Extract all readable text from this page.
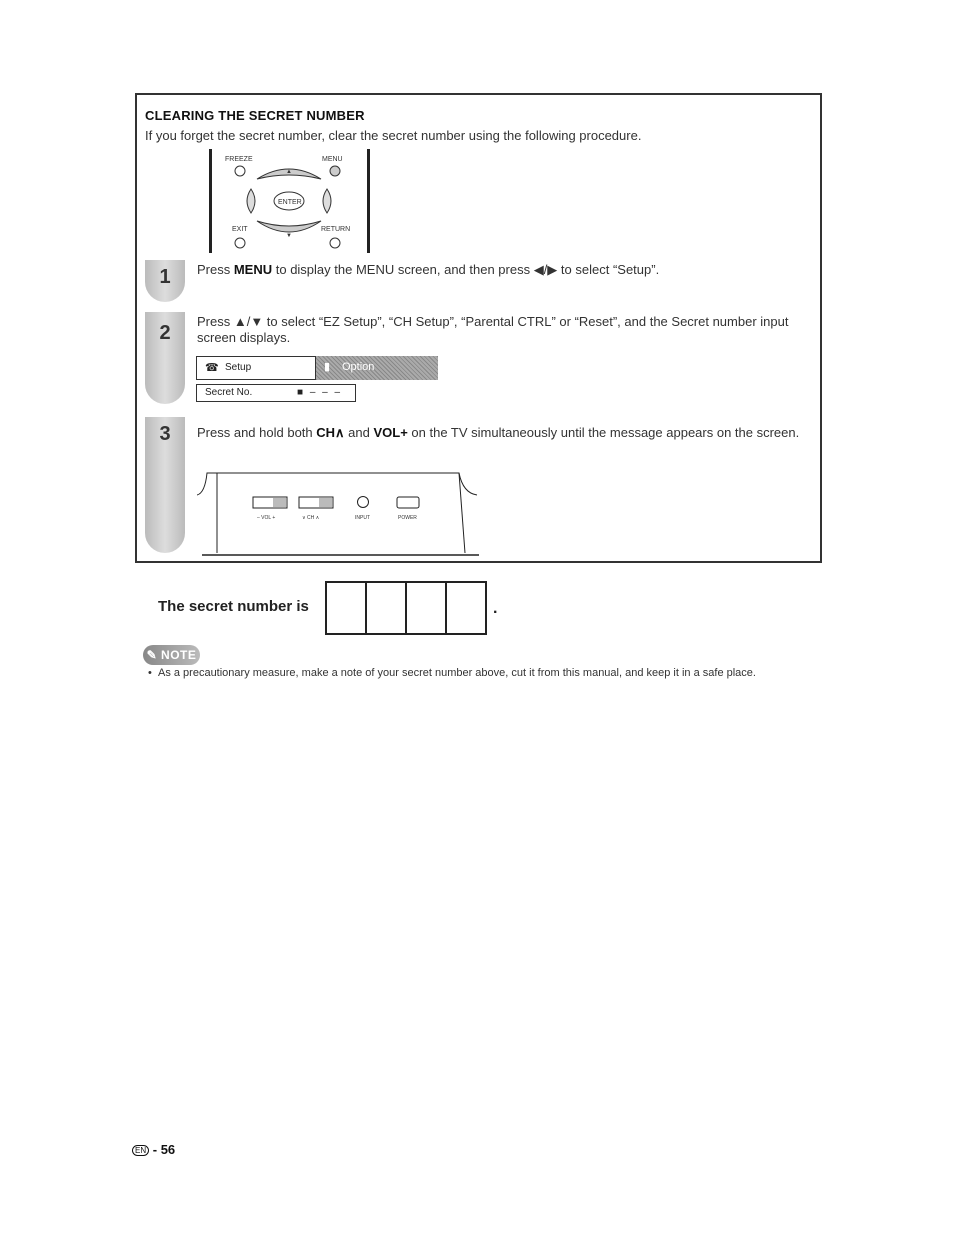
CLEARING THE SECRET NUMBER
If you forget the secret number, clear the secret number using the following procedure.
FREEZE	MENU
▲
ENTER
▼
EXIT	RETURN
1	Press MENU to display the MENU screen, and then press ◀/▶ to select “Setup”.
2
Press ▲/▼ to select “EZ Setup”, “CH Setup”, “Parental CTRL” or “Reset”, and the Secret number input screen displays.
☎ Setup	▮ Option
Secret No.	■ – – –
3	Press and hold both CH∧ and VOL+ on the TV simultaneously until the message appears on the screen.
– VOL +	∨ CH ∧	INPUT	POWER
The secret number is	.
✎ NOTE
• As a precautionary measure, make a note of your secret number above, cut it from this manual, and keep it in a safe place.
EN - 56
